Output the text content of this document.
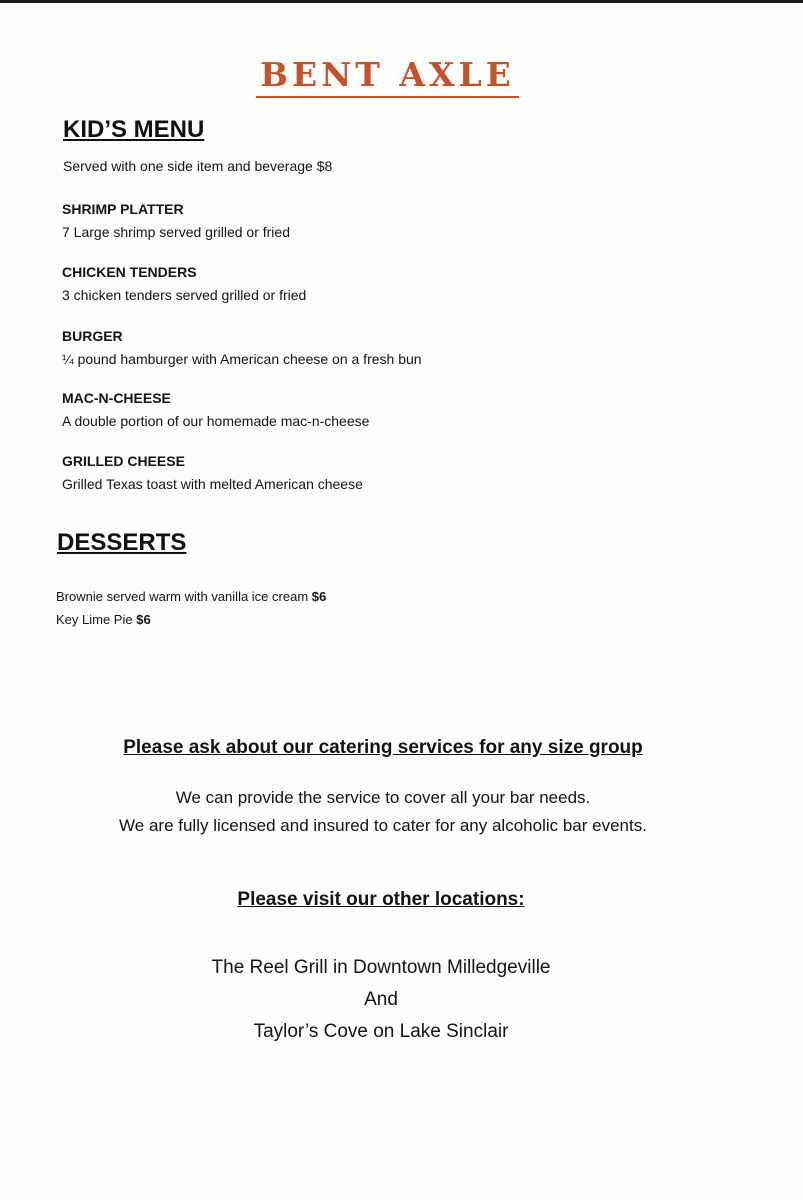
BENT AXLE
KID’S MENU
Served with one side item and beverage $8
SHRIMP PLATTER
7 Large shrimp served grilled or fried
CHICKEN TENDERS
3 chicken tenders served grilled or fried
BURGER
¼ pound hamburger with American cheese on a fresh bun
MAC-N-CHEESE
A double portion of our homemade mac-n-cheese
GRILLED CHEESE
Grilled Texas toast with melted American cheese
DESSERTS
Brownie served warm with vanilla ice cream $6
Key Lime Pie $6
Please ask about our catering services for any size group
We can provide the service to cover all your bar needs.
We are fully licensed and insured to cater for any alcoholic bar events.
Please visit our other locations:
The Reel Grill in Downtown Milledgeville
And
Taylor’s Cove on Lake Sinclair
